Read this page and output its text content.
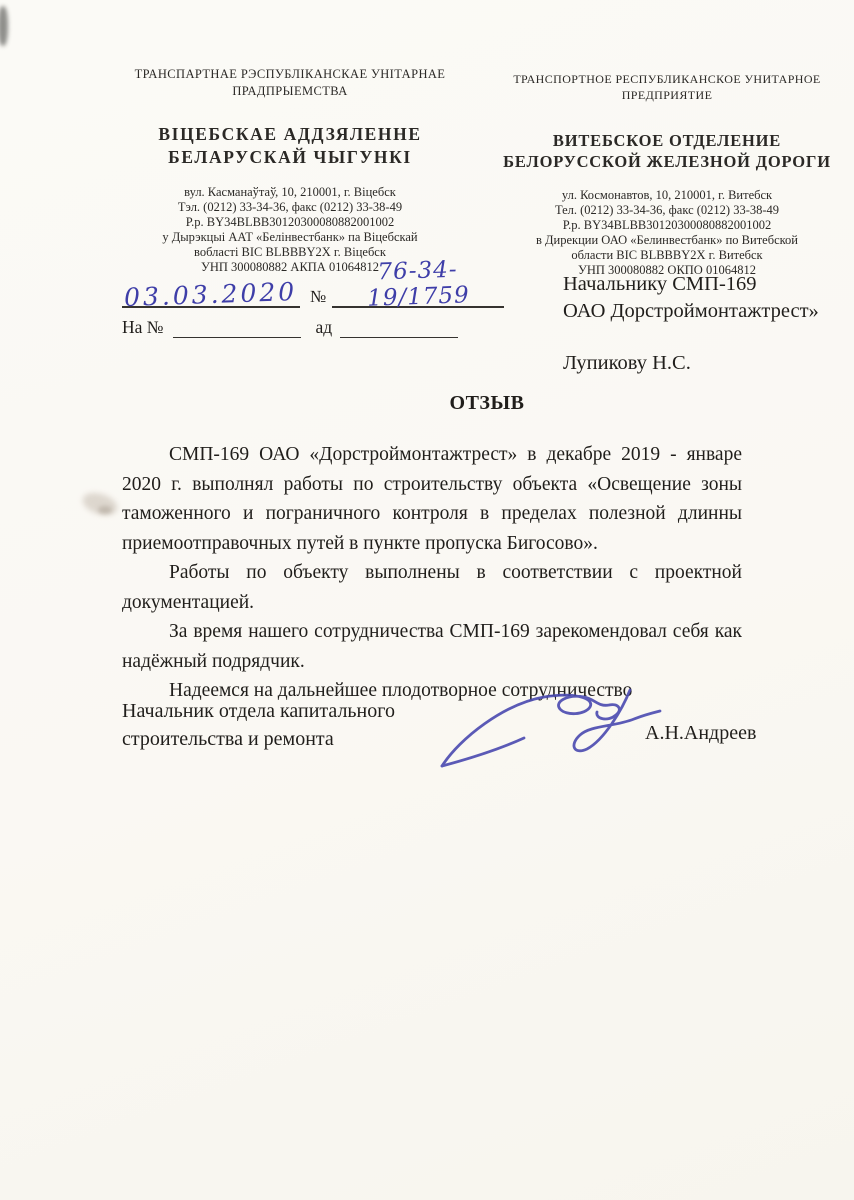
ТРАНСПАРТНАЕ РЭСПУБЛІКАНСКАЕ УНІТАРНАЕ ПРАДПРЫЕМСТВА
ВІЦЕБСКАЕ АДДЗЯЛЕННЕ
БЕЛАРУСКАЙ ЧЫГУНКІ
вул. Касманаўтаў, 10, 210001, г. Віцебск
Тэл. (0212) 33-34-36, факс (0212) 33-38-49
Р.р. BY34BLBB30120300080882001002
у Дырэкцыі ААТ «Белінвестбанк» па Віцебскай
вобласті BIC BLBBBY2X г. Віцебск
УНП 300080882 АКПА 01064812
ТРАНСПОРТНОЕ РЕСПУБЛИКАНСКОЕ УНИТАРНОЕ ПРЕДПРИЯТИЕ
ВИТЕБСКОЕ ОТДЕЛЕНИЕ
БЕЛОРУССКОЙ ЖЕЛЕЗНОЙ ДОРОГИ
ул. Космонавтов, 10, 210001, г. Витебск
Тел. (0212) 33-34-36, факс (0212) 33-38-49
Р.р. BY34BLBB30120300080882001002
в Дирекции ОАО «Белинвестбанк» по Витебской
области BIC BLBBBY2X г. Витебск
УНП 300080882 ОКПО 01064812
03.03.2020 №
76-34-19/1759
На №	ад
Начальнику СМП-169
ОАО Дорстроймонтажтрест»
Лупикову Н.С.
ОТЗЫВ

СМП-169 ОАО «Дорстроймонтажтрест» в декабре 2019 - январе 2020 г. выполнял работы по строительству объекта «Освещение зоны таможенного и пограничного контроля в пределах полезной длинны приемоотправочных путей в пункте пропуска Бигосово».

Работы по объекту выполнены в соответствии с проектной документацией.

За время нашего сотрудничества СМП-169 зарекомендовал себя как надёжный подрядчик.

Надеемся на дальнейшее плодотворное сотрудничество

Начальник отдела капитального строительства и ремонта	А.Н.Андреев
